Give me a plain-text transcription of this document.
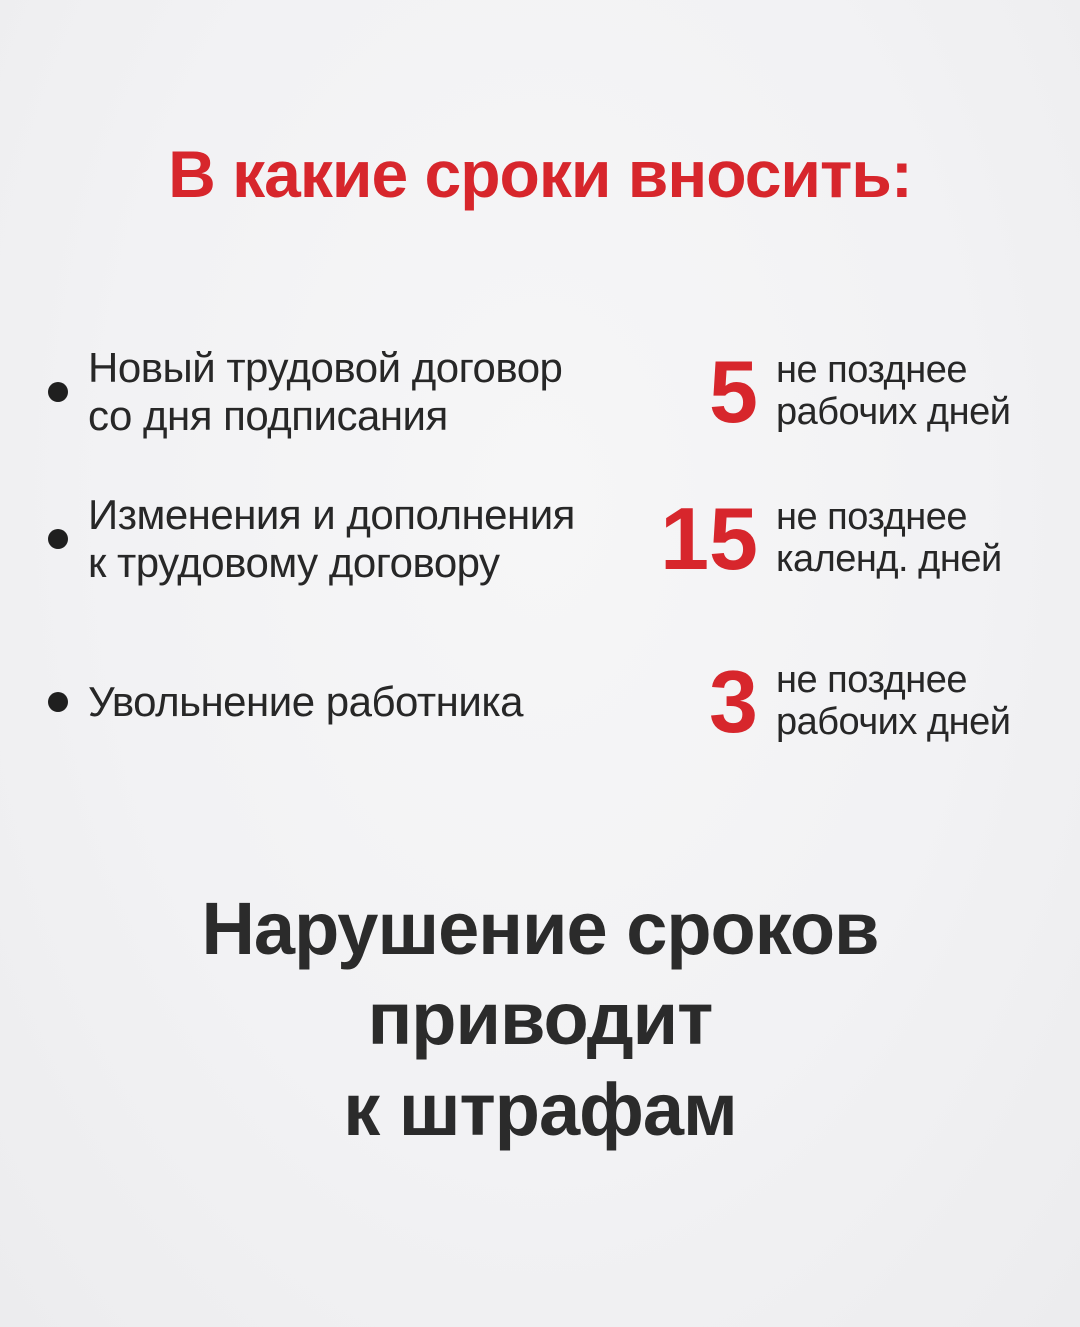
В какие сроки вносить:
Новый трудовой договор
со дня подписания	5 не позднее
рабочих дней
Изменения и дополнения
к трудовому договору	15 не позднее
календ. дней
Увольнение работника	3 не позднее
рабочих дней
Нарушение сроков
приводит
к штрафам
